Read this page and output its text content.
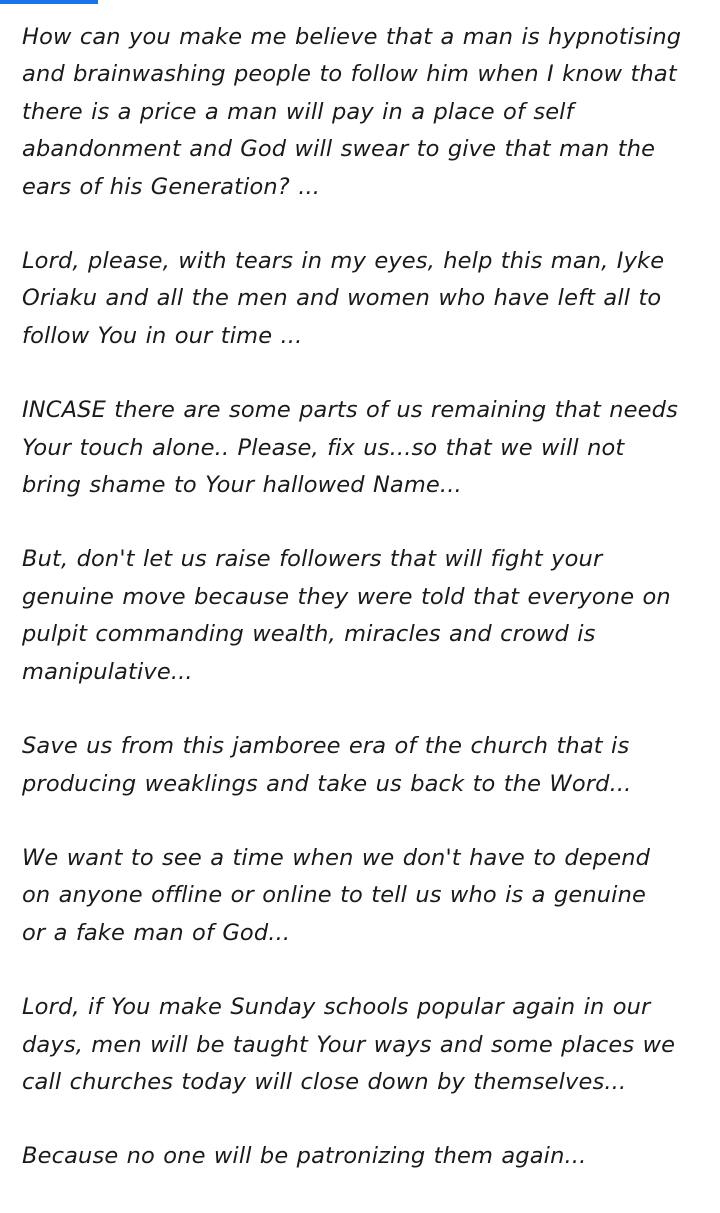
How can you make me believe that a man is hypnotising
and brainwashing people to follow him when I know that
there is a price a man will pay in a place of self
abandonment and God will swear to give that man the
ears of his Generation? ...

Lord, please, with tears in my eyes, help this man, Iyke
Oriaku and all the men and women who have left all to
follow You in our time ...

INCASE there are some parts of us remaining that needs
Your touch alone.. Please, fix us...so that we will not
bring shame to Your hallowed Name...

But, don't let us raise followers that will fight your
genuine move because they were told that everyone on
pulpit commanding wealth, miracles and crowd is
manipulative...

Save us from this jamboree era of the church that is
producing weaklings and take us back to the Word...

We want to see a time when we don't have to depend
on anyone offline or online to tell us who is a genuine
or a fake man of God...

Lord, if You make Sunday schools popular again in our
days, men will be taught Your ways and some places we
call churches today will close down by themselves...

Because no one will be patronizing them again...
